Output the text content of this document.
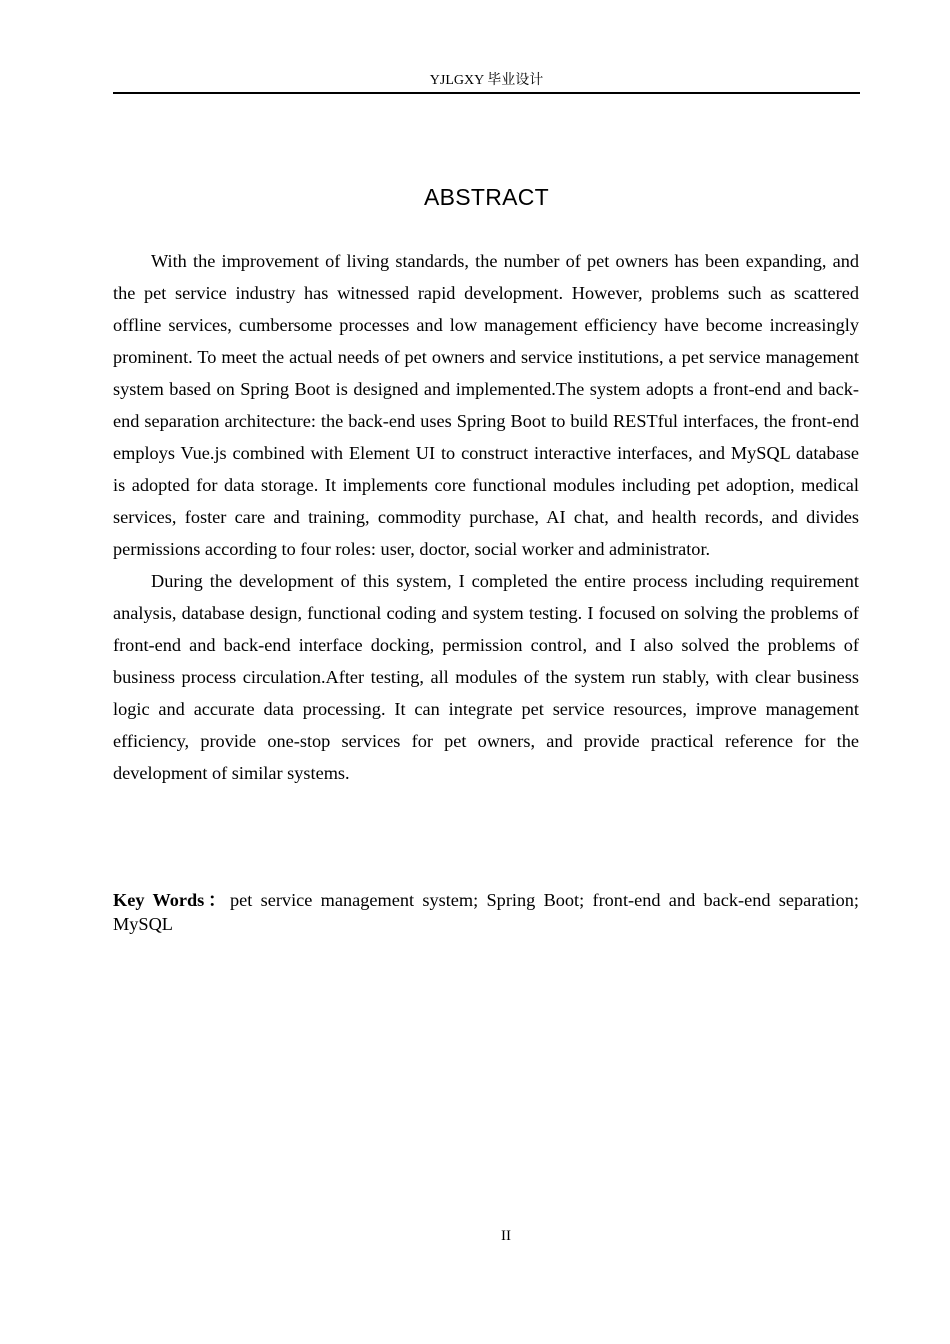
YJLGXY 毕业设计
ABSTRACT

With the improvement of living standards, the number of pet owners has been expanding, and the pet service industry has witnessed rapid development. However, problems such as scattered offline services, cumbersome processes and low management efficiency have become increasingly prominent. To meet the actual needs of pet owners and service institutions, a pet service management system based on Spring Boot is designed and implemented.The system adopts a front-end and back-end separation architecture: the back-end uses Spring Boot to build RESTful interfaces, the front-end employs Vue.js combined with Element UI to construct interactive interfaces, and MySQL database is adopted for data storage. It implements core functional modules including pet adoption, medical services, foster care and training, commodity purchase, AI chat, and health records, and divides permissions according to four roles: user, doctor, social worker and administrator.

During the development of this system, I completed the entire process including requirement analysis, database design, functional coding and system testing. I focused on solving the problems of front-end and back-end interface docking, permission control, and I also solved the problems of business process circulation.After testing, all modules of the system run stably, with clear business logic and accurate data processing. It can integrate pet service resources, improve management efficiency, provide one-stop services for pet owners, and provide practical reference for the development of similar systems.

Key Words：pet service management system; Spring Boot; front-end and back-end separation; MySQL
II
